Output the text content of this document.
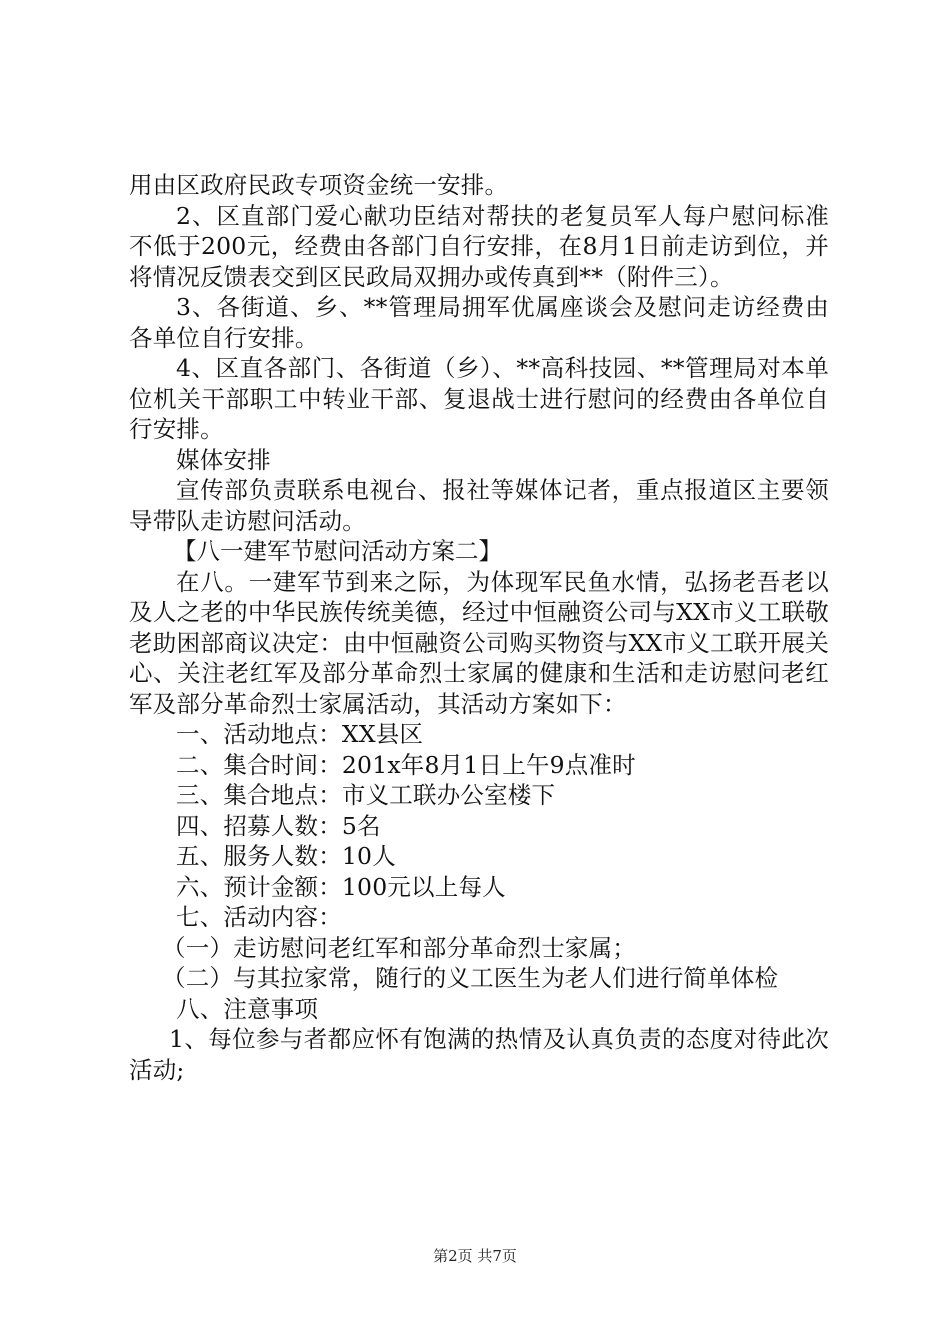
用由区政府民政专项资金统一安排。

2、区直部门爱心献功臣结对帮扶的老复员军人每户慰问标准不低于200元，经费由各部门自行安排，在8月1日前走访到位，并将情况反馈表交到区民政局双拥办或传真到**（附件三）。

3、各街道、乡、**管理局拥军优属座谈会及慰问走访经费由各单位自行安排。

4、区直各部门、各街道（乡）、**高科技园、**管理局对本单位机关干部职工中转业干部、复退战士进行慰问的经费由各单位自行安排。

媒体安排

宣传部负责联系电视台、报社等媒体记者，重点报道区主要领导带队走访慰问活动。

【八一建军节慰问活动方案二】

在八。一建军节到来之际，为体现军民鱼水情，弘扬老吾老以及人之老的中华民族传统美德，经过中恒融资公司与XX市义工联敬老助困部商议决定：由中恒融资公司购买物资与XX市义工联开展关心、关注老红军及部分革命烈士家属的健康和生活和走访慰问老红军及部分革命烈士家属活动，其活动方案如下：

一、活动地点：XX县区

二、集合时间：201x年8月1日上午9点准时

三、集合地点：市义工联办公室楼下

四、招募人数：5名

五、服务人数：10人

六、预计金额：100元以上每人

七、活动内容：

（一）走访慰问老红军和部分革命烈士家属；

（二）与其拉家常，随行的义工医生为老人们进行简单体检

八、注意事项

1、每位参与者都应怀有饱满的热情及认真负责的态度对待此次活动;

第2页 共7页
